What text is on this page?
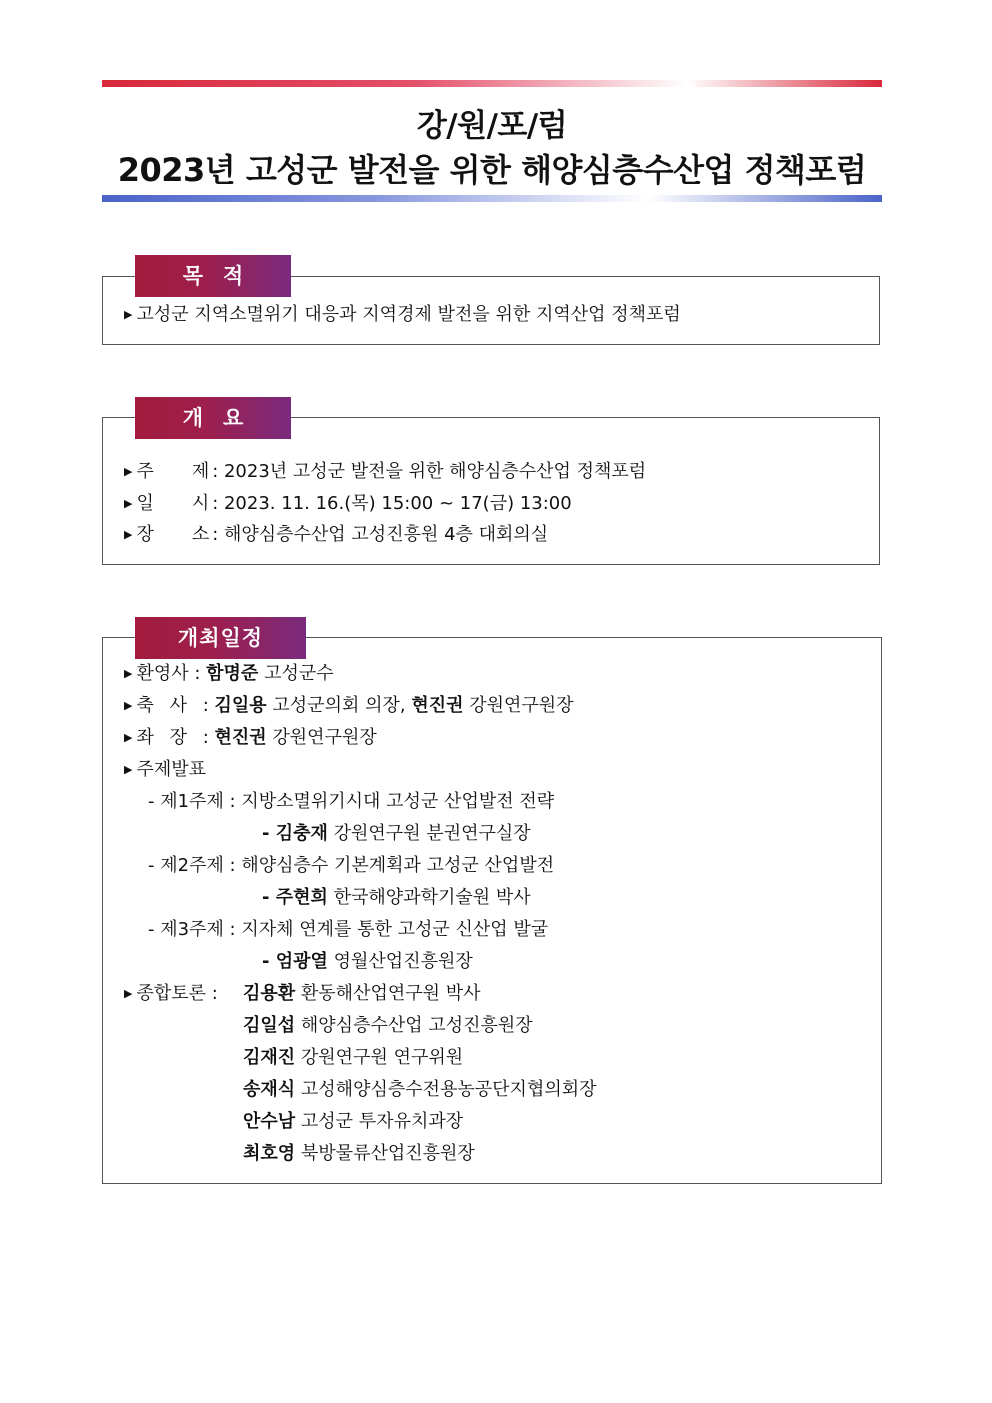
강/원/포/럼
2023년 고성군 발전을 위한 해양심층수산업 정책포럼
목적
▶ 고성군 지역소멸위기 대응과 지역경제 발전을 위한 지역산업 정책포럼
개요
▶ 주 제 : 2023년 고성군 발전을 위한 해양심층수산업 정책포럼
▶ 일 시 : 2023. 11. 16.(목) 15:00 ~ 17(금) 13:00
▶ 장 소 : 해양심층수산업 고성진흥원 4층 대회의실
개최일정
▶ 환영사 : 함명준 고성군수
▶ 축 사 : 김일용 고성군의회 의장, 현진권 강원연구원장
▶ 좌 장 : 현진권 강원연구원장
▶ 주제발표
- 제1주제 : 지방소멸위기시대 고성군 산업발전 전략
- 김충재 강원연구원 분권연구실장
- 제2주제 : 해양심층수 기본계획과 고성군 산업발전
- 주현희 한국해양과학기술원 박사
- 제3주제 : 지자체 연계를 통한 고성군 신산업 발굴
- 엄광열 영월산업진흥원장
▶ 종합토론 : 김용환 환동해산업연구원 박사
김일섭 해양심층수산업 고성진흥원장
김재진 강원연구원 연구위원
송재식 고성해양심층수전용농공단지협의회장
안수남 고성군 투자유치과장
최호영 북방물류산업진흥원장
